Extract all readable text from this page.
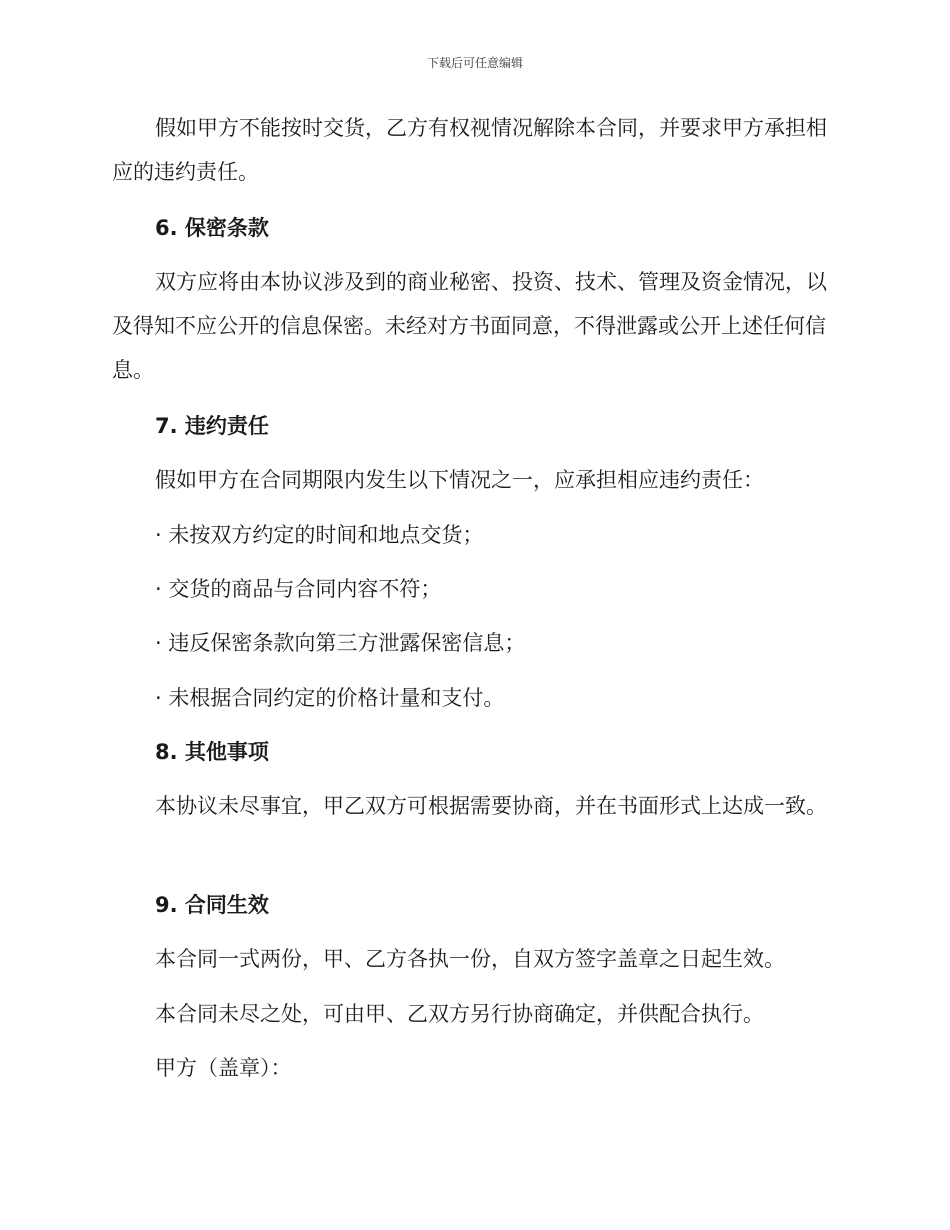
下载后可任意编辑

假如甲方不能按时交货，乙方有权视情况解除本合同，并要求甲方承担相应的违约责任。

6. 保密条款

双方应将由本协议涉及到的商业秘密、投资、技术、管理及资金情况，以及得知不应公开的信息保密。未经对方书面同意，不得泄露或公开上述任何信息。

7. 违约责任

假如甲方在合同期限内发生以下情况之一，应承担相应违约责任：

· 未按双方约定的时间和地点交货；

· 交货的商品与合同内容不符；

· 违反保密条款向第三方泄露保密信息；

· 未根据合同约定的价格计量和支付。

8. 其他事项

本协议未尽事宜，甲乙双方可根据需要协商，并在书面形式上达成一致。

9. 合同生效

本合同一式两份，甲、乙方各执一份，自双方签字盖章之日起生效。

本合同未尽之处，可由甲、乙双方另行协商确定，并供配合执行。

甲方（盖章）：
